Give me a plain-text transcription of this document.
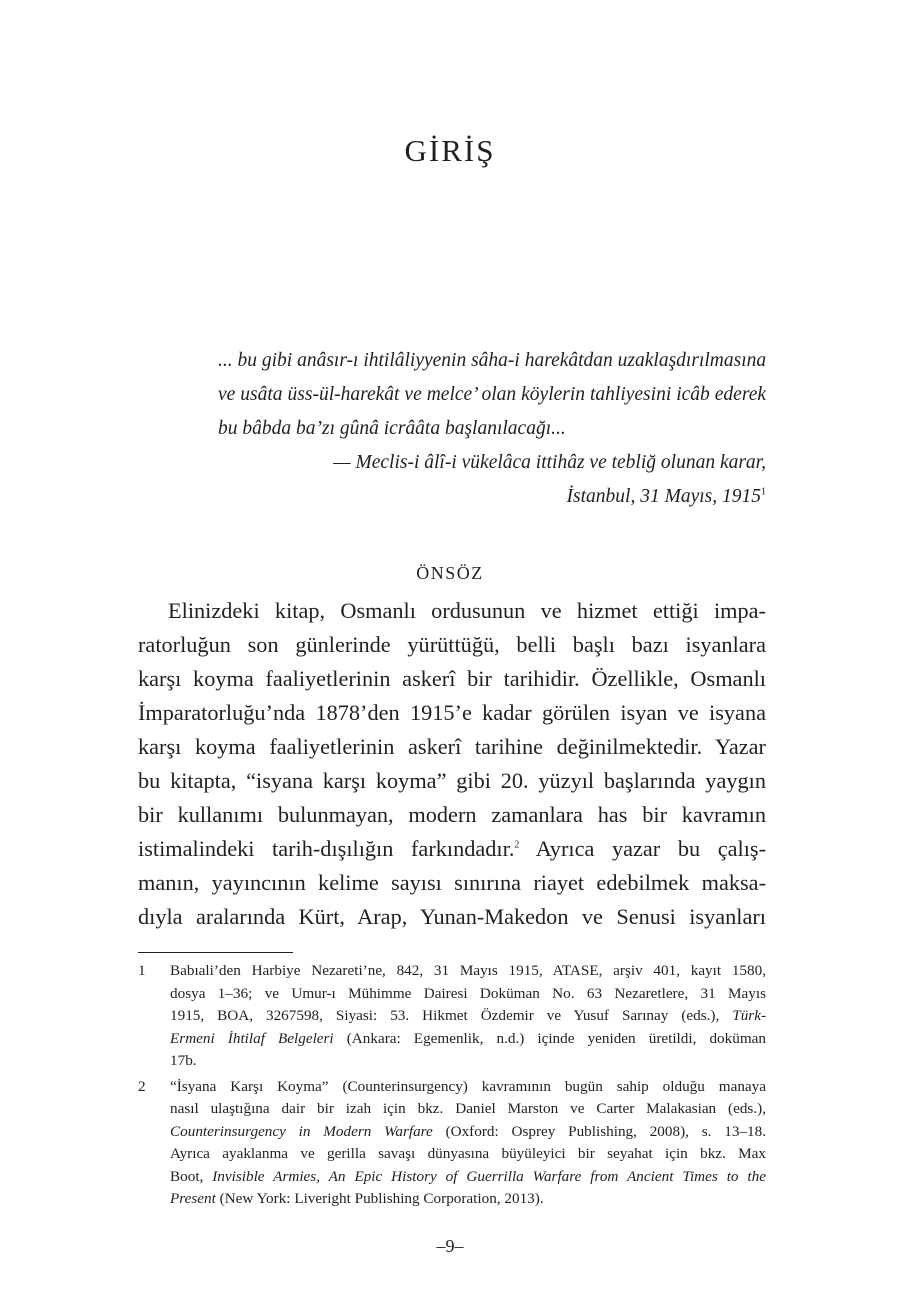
GİRİŞ
... bu gibi anâsır-ı ihtilâliyyenin sâha-i harekâtdan uzaklaşdırılmasına
ve usâta üss-ül-harekât ve melce’ olan köylerin tahliyesini icâb ederek
bu bâbda ba’zı gûnâ icrââta başlanılacağı...
— Meclis-i âlî-i vükelâca ittihâz ve tebliğ olunan karar,
İstanbul, 31 Mayıs, 1915$^1$
ÖNSÖZ
Elinizdeki kitap, Osmanlı ordusunun ve hizmet ettiği impa-
ratorluğun son günlerinde yürüttüğü, belli başlı bazı isyanlara
karşı koyma faaliyetlerinin askerî bir tarihidir. Özellikle, Osmanlı
İmparatorluğu’nda 1878’den 1915’e kadar görülen isyan ve isyana
karşı koyma faaliyetlerinin askerî tarihine değinilmektedir. Yazar
bu kitapta, “isyana karşı koyma” gibi 20. yüzyıl başlarında yaygın
bir kullanımı bulunmayan, modern zamanlara has bir kavramın
istimalindeki tarih-dışılığın farkındadır.$^2$ Ayrıca yazar bu çalış-
manın, yayıncının kelime sayısı sınırına riayet edebilmek maksa-
dıyla aralarında Kürt, Arap, Yunan-Makedon ve Senusi isyanları
1 Babıali’den Harbiye Nezareti’ne, 842, 31 Mayıs 1915, ATASE, arşiv 401, kayıt 1580,
dosya 1–36; ve Umur-ı Mühimme Dairesi Doküman No. 63 Nezaretlere, 31 Mayıs
1915, BOA, 3267598, Siyasi: 53. Hikmet Özdemir ve Yusuf Sarınay (eds.), Türk-
Ermeni İhtilaf Belgeleri (Ankara: Egemenlik, n.d.) içinde yeniden üretildi, doküman
17b.
2 “İsyana Karşı Koyma” (Counterinsurgency) kavramının bugün sahip olduğu manaya
nasıl ulaştığına dair bir izah için bkz. Daniel Marston ve Carter Malakasian (eds.),
Counterinsurgency in Modern Warfare (Oxford: Osprey Publishing, 2008), s. 13–18.
Ayrıca ayaklanma ve gerilla savaşı dünyasına büyüleyici bir seyahat için bkz. Max
Boot, Invisible Armies, An Epic History of Guerrilla Warfare from Ancient Times to the
Present (New York: Liveright Publishing Corporation, 2013).
–9–
